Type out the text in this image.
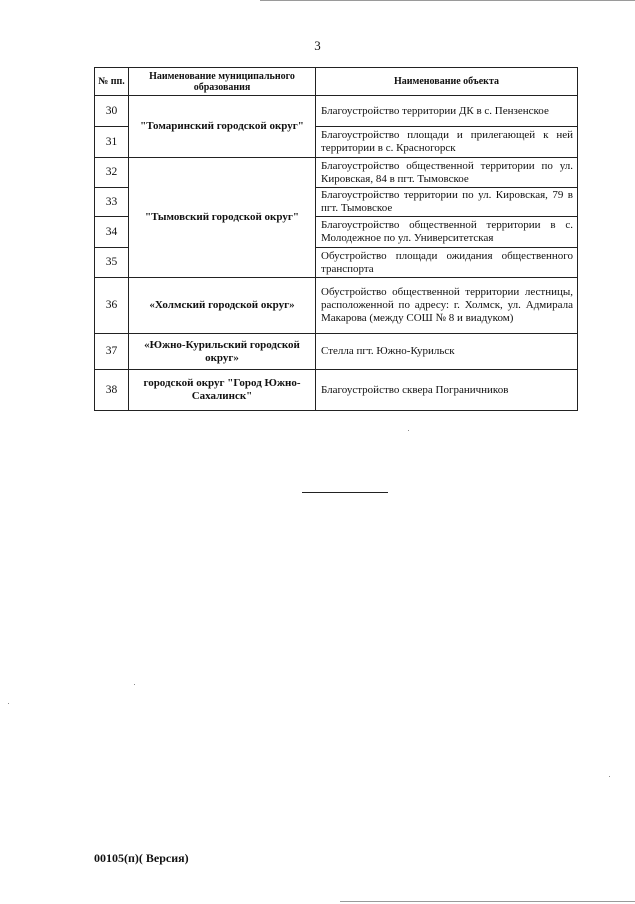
3
№ пп.	Наименование муниципального образования	Наименование объекта
30	"Томаринский городской округ"	Благоустройство территории ДК в с. Пензенское
31		Благоустройство площади и прилегающей к ней территории в с. Красногорск
32	"Тымовский городской округ"	Благоустройство общественной территории по ул. Кировская, 84 в пгт. Тымовское
33		Благоустройство территории по ул. Кировская, 79 в пгт. Тымовское
34		Благоустройство общественной территории в с. Молодежное по ул. Университетская
35		Обустройство площади ожидания общественного транспорта
36	«Холмский городской округ»	Обустройство общественной территории лестницы, расположенной по адресу: г. Холмск, ул. Адмирала Макарова (между СОШ № 8 и виадуком)
37	«Южно-Курильский городской округ»	Стелла пгт. Южно-Курильск
38	городской округ "Город Южно-Сахалинск"	Благоустройство сквера Пограничников
00105(п)( Версия)
